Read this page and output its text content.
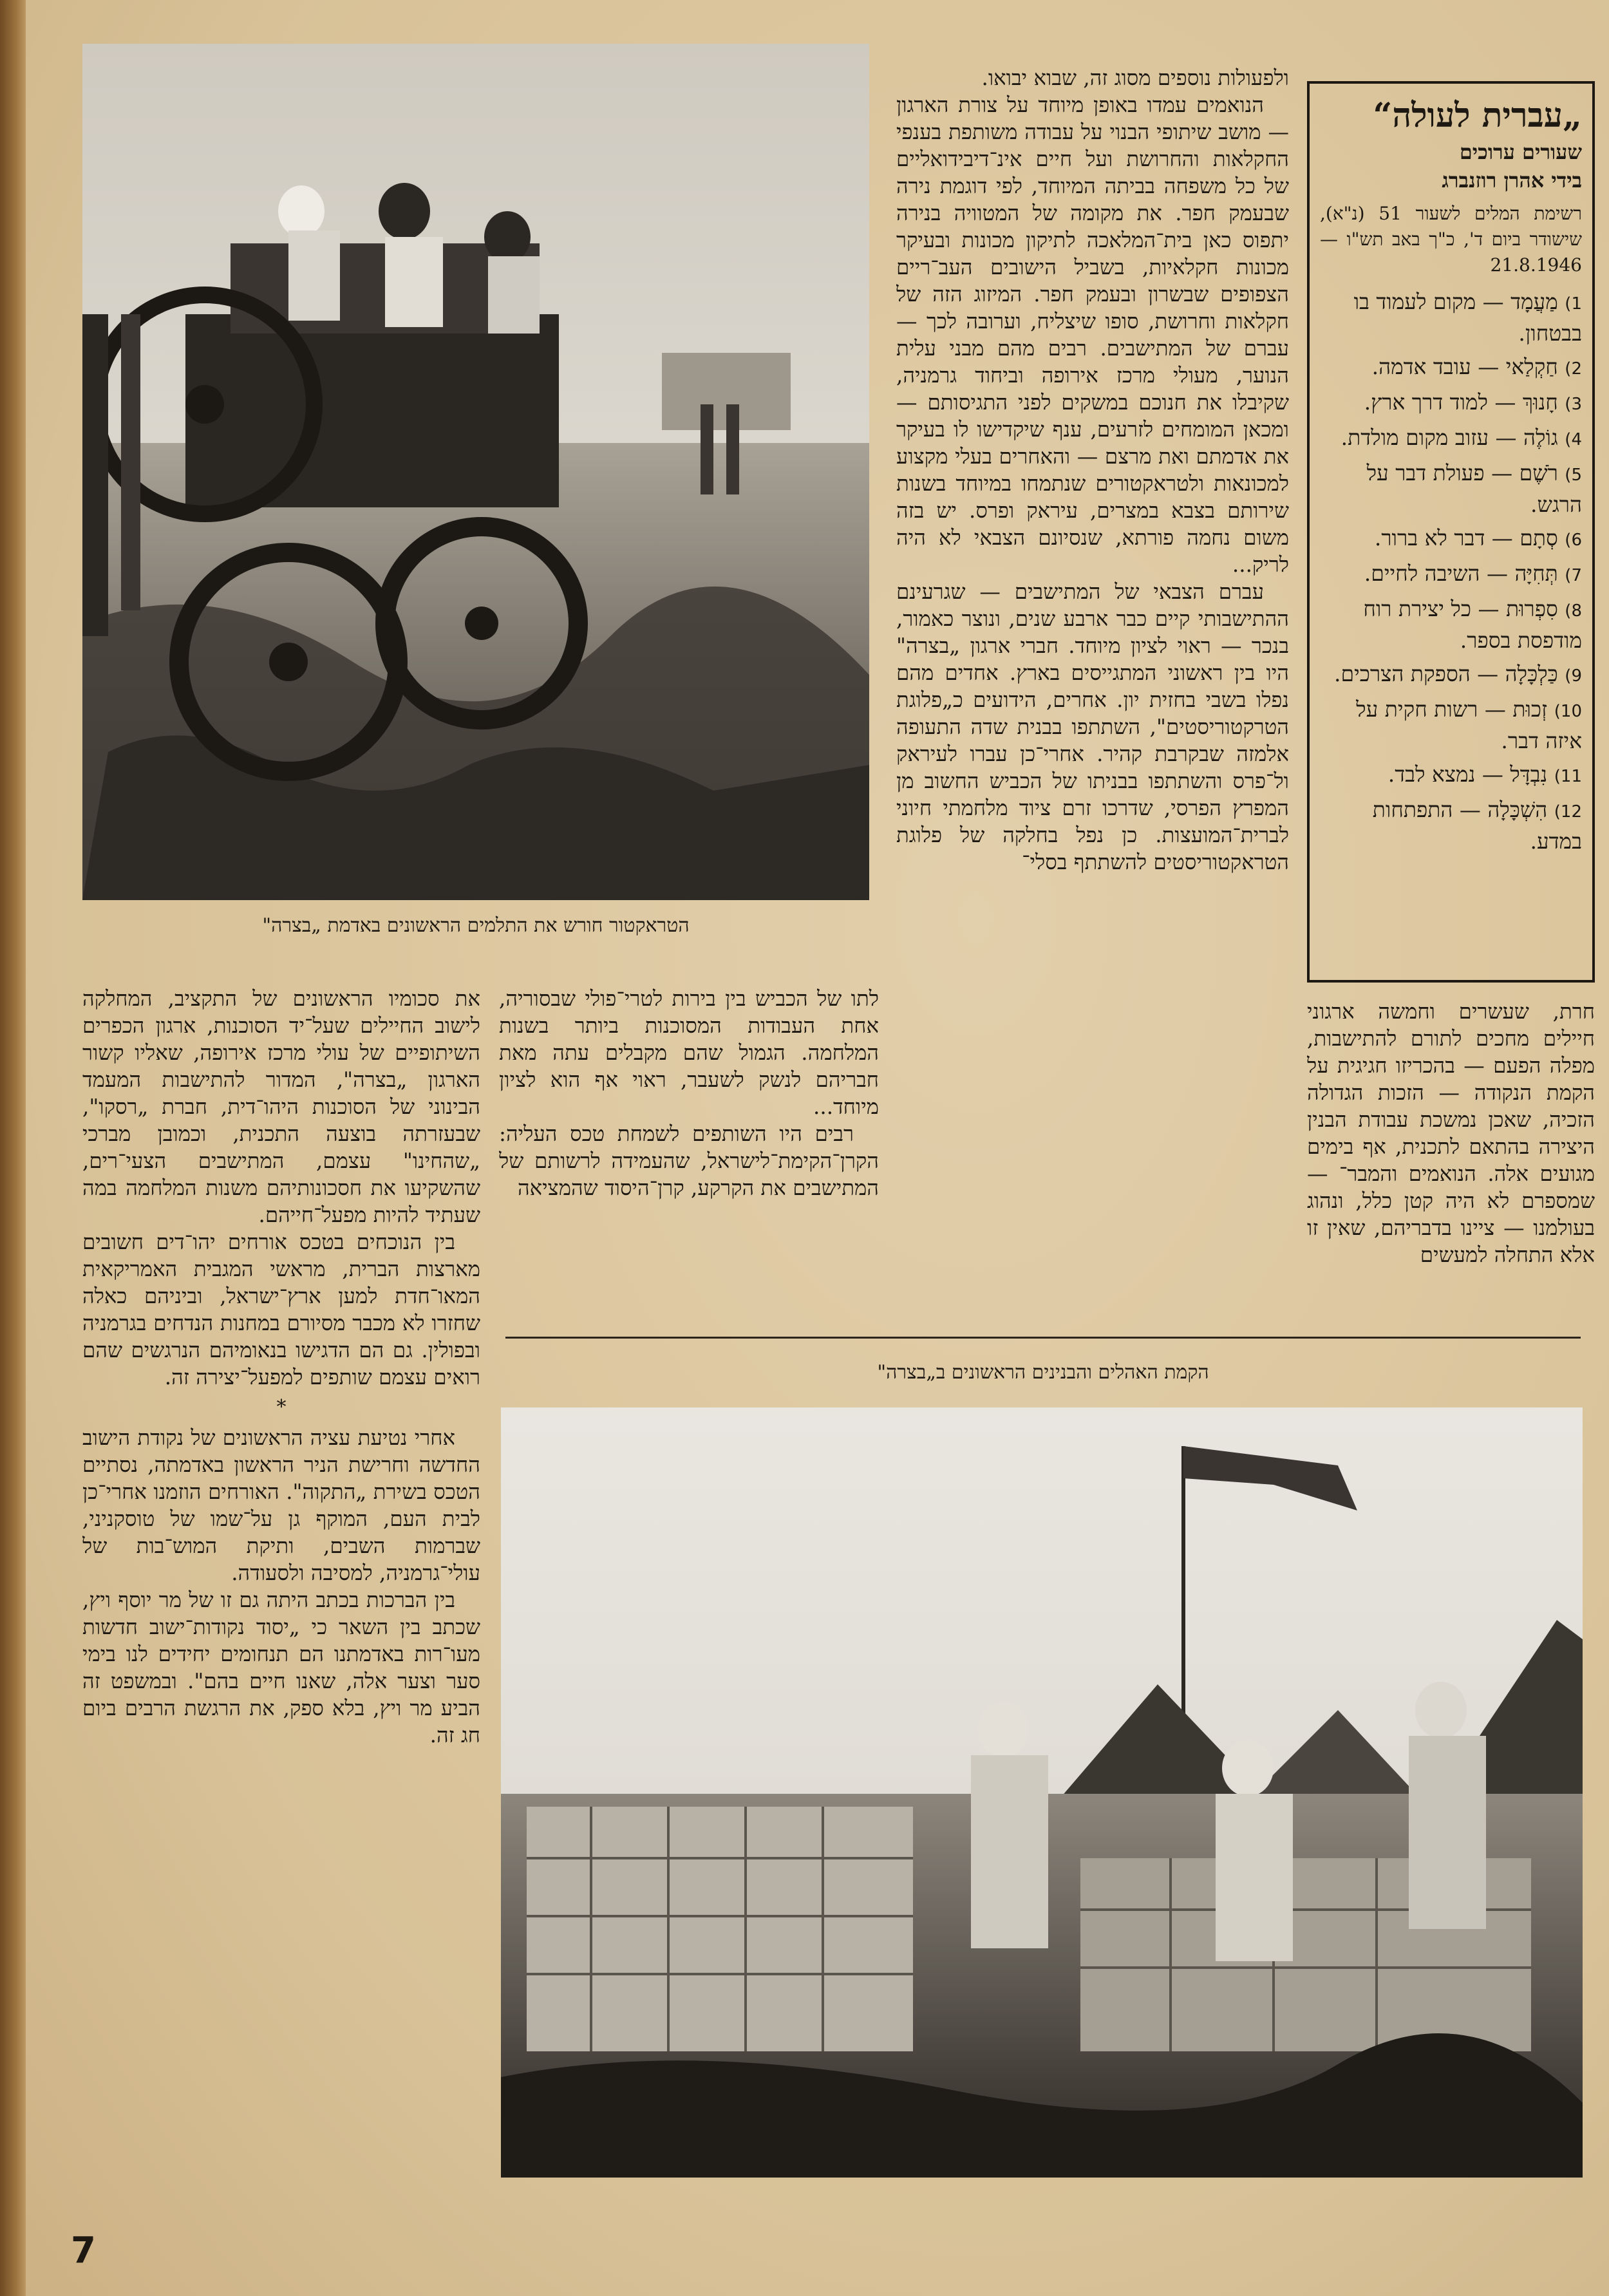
הטראקטור חורש את התלמים הראשונים באדמת „בצרה"
„עברית לעולה“
שעורים ערוכים
בידי אהרן רוזנברג
רשימת המלים לשעור 51 (נ"א), שישודר ביום ד', כ"ך באב תש"ו — 21.8.1946
1) מַעֲמָד — מקום לעמוד בו בבטחון.
2) חַקְלַאי — עובד אדמה.
3) חָנוּךְ — למוד דרך ארץ.
4) גוֹלֶה — עזוב מקום מולדת.
5) רֹשֶׁם — פעולת דבר על הרגש.
6) סְתָם — דבר לא ברור.
7) תְּחִיָּה — השיבה לחיים.
8) סִפְרוּת — כל יצירת רוח מודפסת בספר.
9) כַּלְכָּלָה — הספקת הצרכים.
10) זְכוּת — רשות חקית על איזה דבר.
11) נִבְדָּל — נמצא לבד.
12) הִשְׁכָּלָה — התפתחות במדע.

ולפעולות נוספים מסוג זה, שבוא יבואו.

הנואמים עמדו באופן מיוחד על צורת הארגון — מושב שיתופי הבנוי על עבודה משותפת בענפי החקלאות והחרושת ועל חיים אינ־דיבידואליים של כל משפחה בביתה המיוחד, לפי דוגמת נירה שבעמק חפר. את מקומה של המטוויה בנירה יתפוס כאן בית־המלאכה לתיקון מכונות ובעיקר מכונות חקלאיות, בשביל הישובים העב־ריים הצפופים שבשרון ובעמק חפר. המיזוג הזה של חקלאות וחרושת, סופו שיצליח, וערובה לכך — עברם של המתישבים. רבים מהם מבני עלית הנוער, מעולי מרכז אירופה וביחוד גרמניה, שקיבלו את חנוכם במשקים לפני התגיסותם — ומכאן המומחים לזרעים, ענף שיקדישו לו בעיקר את אדמתם ואת מרצם — והאחרים בעלי מקצוע למכונאות ולטראקטורים שנתמחו במיוחד בשנות שירותם בצבא במצרים, עיראק ופרס. יש בזה משום נחמה פורתא, שנסיונם הצבאי לא היה לריק...

עברם הצבאי של המתישבים — שגרעינם ההתישבותי קיים כבר ארבע שנים, ונוצר כאמור, בנכר — ראוי לציון מיוחד. חברי ארגון „בצרה" היו בין ראשוני המתגייסים בארץ. אחדים מהם נפלו בשבי בחזית יון. אחרים, הידועים כ„פלוגת הטרקטוריסטים", השתתפו בבנית שדה התעופה אלמזה שבקרבת קהיר. אחרי־כן עברו לעיראק ול־פרס והשתתפו בבניתו של הכביש החשוב מן המפרץ הפרסי, שדרכו זרם ציוד מלחמתי חיוני לברית־המועצות. כן נפל בחלקה של פלוגת הטראקטוריסטים להשתתף בסלי־

חרת, שעשרים וחמשה ארגוני חיילים מחכים לתורם להתישבות, מפלה הפעם — בהכריזו חגיגית על הקמת הנקודה — הזכות הגדולה הזכיה, שאכן נמשכת עבודת הבנין היצירה בהתאם לתכנית, אף בימים מגועים אלה. הנואמים והמבר־ — שמספרם לא היה קטן כלל, ונהוג בעולמנו — ציינו בדבריהם, שאין זו אלא התחלה למעשים

לתו של הכביש בין בירות לטרי־פולי שבסוריה, אחת העבודות המסוכנות ביותר בשנות המלחמה. הגמול שהם מקבלים עתה מאת חבריהם לנשק לשעבר, ראוי אף הוא לציון מיוחד...

רבים היו השותפים לשמחת טכס העליה: הקרן־הקימת־לישראל, שהעמידה לרשותם של המתישבים את הקרקע, קרן־היסוד שהמציאה

את סכומיו הראשונים של התקציב, המחלקה לישוב החיילים שעל־יד הסוכנות, ארגון הכפרים השיתופיים של עולי מרכז אירופה, שאליו קשור הארגון „בצרה", המדור להתישבות המעמד הבינוני של הסוכנות היהו־דית, חברת „רסקו", שבעזרתה בוצעה התכנית, וכמובן מברכי „שהחינו" עצמם, המתישבים הצעי־רים, שהשקיעו את חסכונותיהם משנות המלחמה במה שעתיד להיות מפעל־חייהם.

בין הנוכחים בטכס אורחים יהו־דים חשובים מארצות הברית, מראשי המגבית האמריקאית המאו־חדת למען ארץ־ישראל, וביניהם כאלה שחזרו לא מכבר מסיורם במחנות הנדחים בגרמניה ובפולין. גם הם הדגישו בנאומיהם הנרגשים שהם רואים עצמם שותפים למפעל־יצירה זה.

*

אחרי נטיעת עציה הראשונים של נקודת הישוב החדשה וחרישת הניר הראשון באדמתה, נסתיים הטכס בשירת „התקוה". האורחים הוזמנו אחרי־כן לבית העם, המוקף גן על־שמו של טוסקניני, שברמות השבים, ותיקת המוש־בות של עולי־גרמניה, למסיבה ולסעודה.

בין הברכות בכתב היתה גם זו של מר יוסף ויץ, שכתב בין השאר כי „יסוד נקודות־ישוב חדשות מעו־רות באדמתנו הם תנחומים יחידים לנו בימי סער וצער אלה, שאנו חיים בהם". ובמשפט זה הביע מר ויץ, בלא ספק, את הרגשת הרבים ביום חג זה.

הקמת האהלים והבנינים הראשונים ב„בצרה"
7
